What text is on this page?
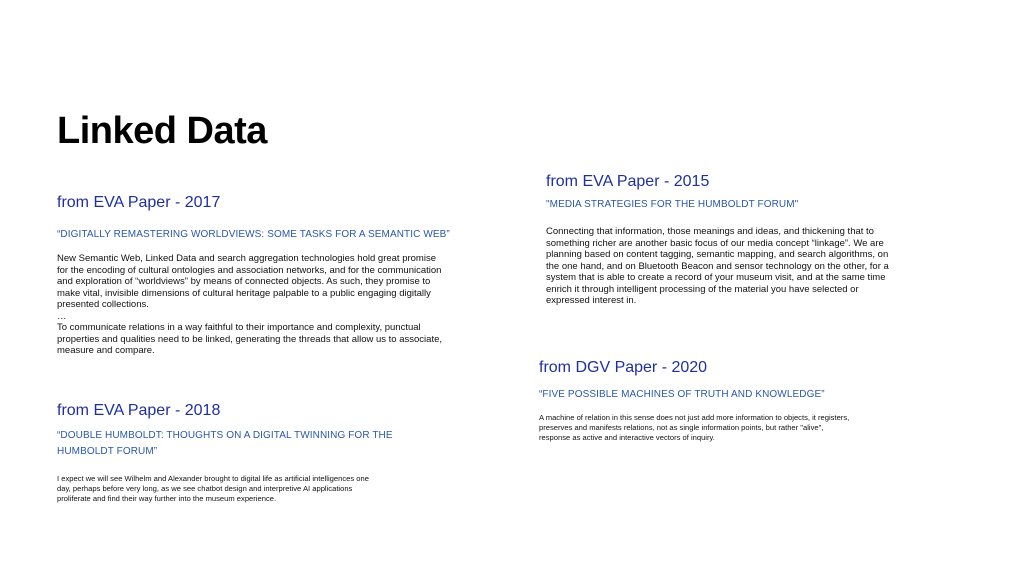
Linked Data

from EVA Paper - 2017

“DIGITALLY REMASTERING WORLDVIEWS: SOME TASKS FOR A SEMANTIC WEB”

New Semantic Web, Linked Data and search aggregation technologies hold great promise
for the encoding of cultural ontologies and association networks, and for the communication
and exploration of “worldviews” by means of connected objects. As such, they promise to
make vital, invisible dimensions of cultural heritage palpable to a public engaging digitally
presented collections.
…
To communicate relations in a way faithful to their importance and complexity, punctual
properties and qualities need to be linked, generating the threads that allow us to associate,
measure and compare.

from EVA Paper - 2018

“DOUBLE HUMBOLDT: THOUGHTS ON A DIGITAL TWINNING FOR THE

HUMBOLDT FORUM”

I expect we will see Wilhelm and Alexander brought to digital life as artificial intelligences one
day, perhaps before very long, as we see chatbot design and interpretive AI applications
proliferate and find their way further into the museum experience.

from EVA Paper - 2015

"MEDIA STRATEGIES FOR THE HUMBOLDT FORUM"

Connecting that information, those meanings and ideas, and thickening that to
something richer are another basic focus of our media concept “linkage”. We are
planning based on content tagging, semantic mapping, and search algorithms, on
the one hand, and on Bluetooth Beacon and sensor technology on the other, for a
system that is able to create a record of your museum visit, and at the same time
enrich it through intelligent processing of the material you have selected or
expressed interest in.

from DGV Paper - 2020

“FIVE POSSIBLE MACHINES OF TRUTH AND KNOWLEDGE”

A machine of relation in this sense does not just add more information to objects, it registers,
preserves and manifests relations, not as single information points, but rather "alive",
response as active and interactive vectors of inquiry.
